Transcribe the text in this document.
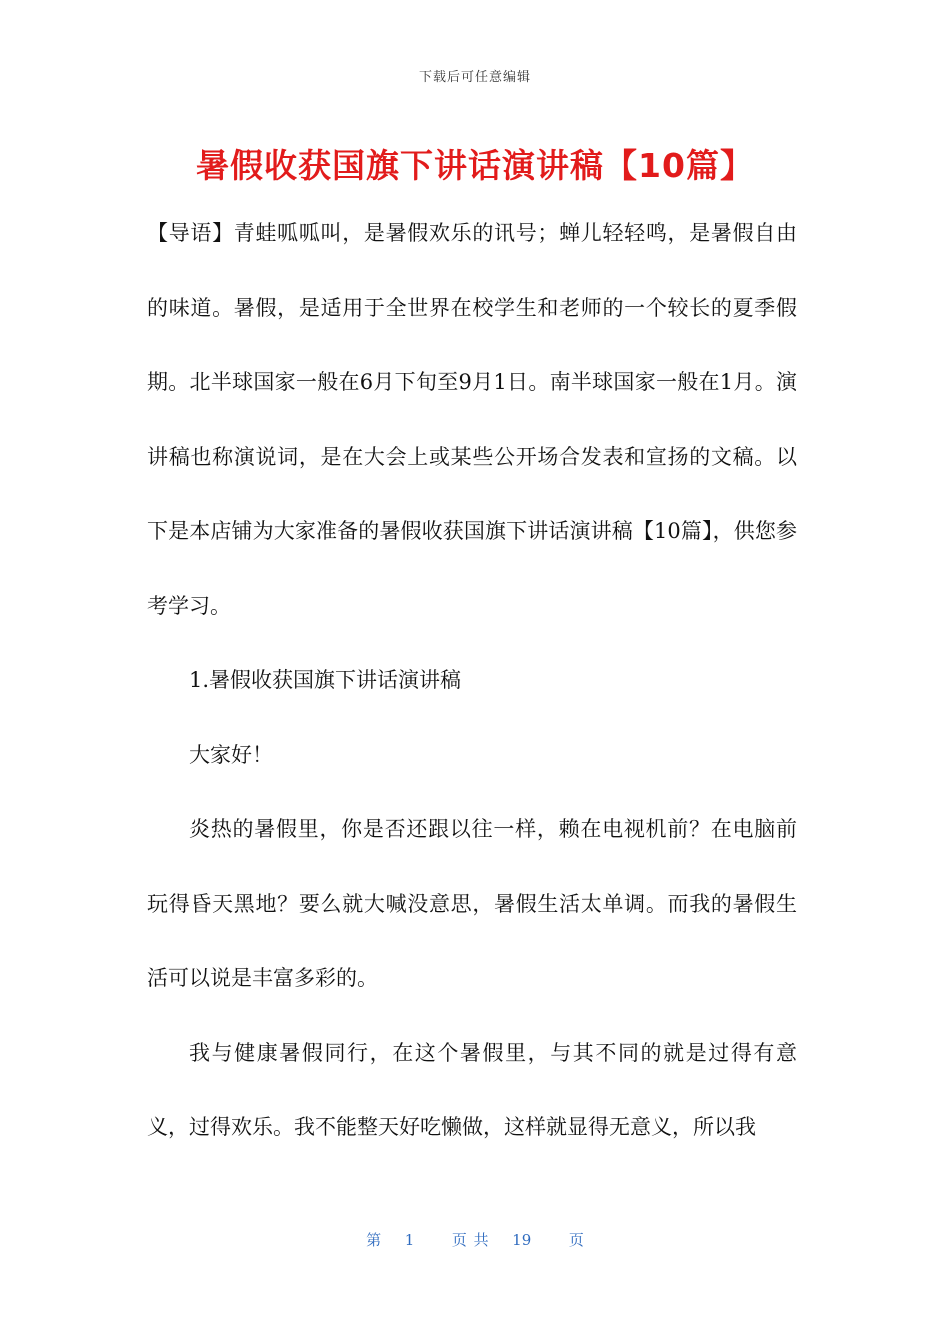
下载后可任意编辑
暑假收获国旗下讲话演讲稿【10篇】

【导语】青蛙呱呱叫，是暑假欢乐的讯号；蝉儿轻轻鸣，是暑假自由的味道。暑假，是适用于全世界在校学生和老师的一个较长的夏季假期。北半球国家一般在6月下旬至9月1日。南半球国家一般在1月。演讲稿也称演说词，是在大会上或某些公开场合发表和宣扬的文稿。以下是本店铺为大家准备的暑假收获国旗下讲话演讲稿【10篇】，供您参考学习。

1.暑假收获国旗下讲话演讲稿

大家好！

炎热的暑假里，你是否还跟以往一样，赖在电视机前？在电脑前玩得昏天黑地？要么就大喊没意思，暑假生活太单调。而我的暑假生活可以说是丰富多彩的。

我与健康暑假同行，在这个暑假里，与其不同的就是过得有意义，过得欢乐。我不能整天好吃懒做，这样就显得无意义，所以我

第 1	页 共 19	页
